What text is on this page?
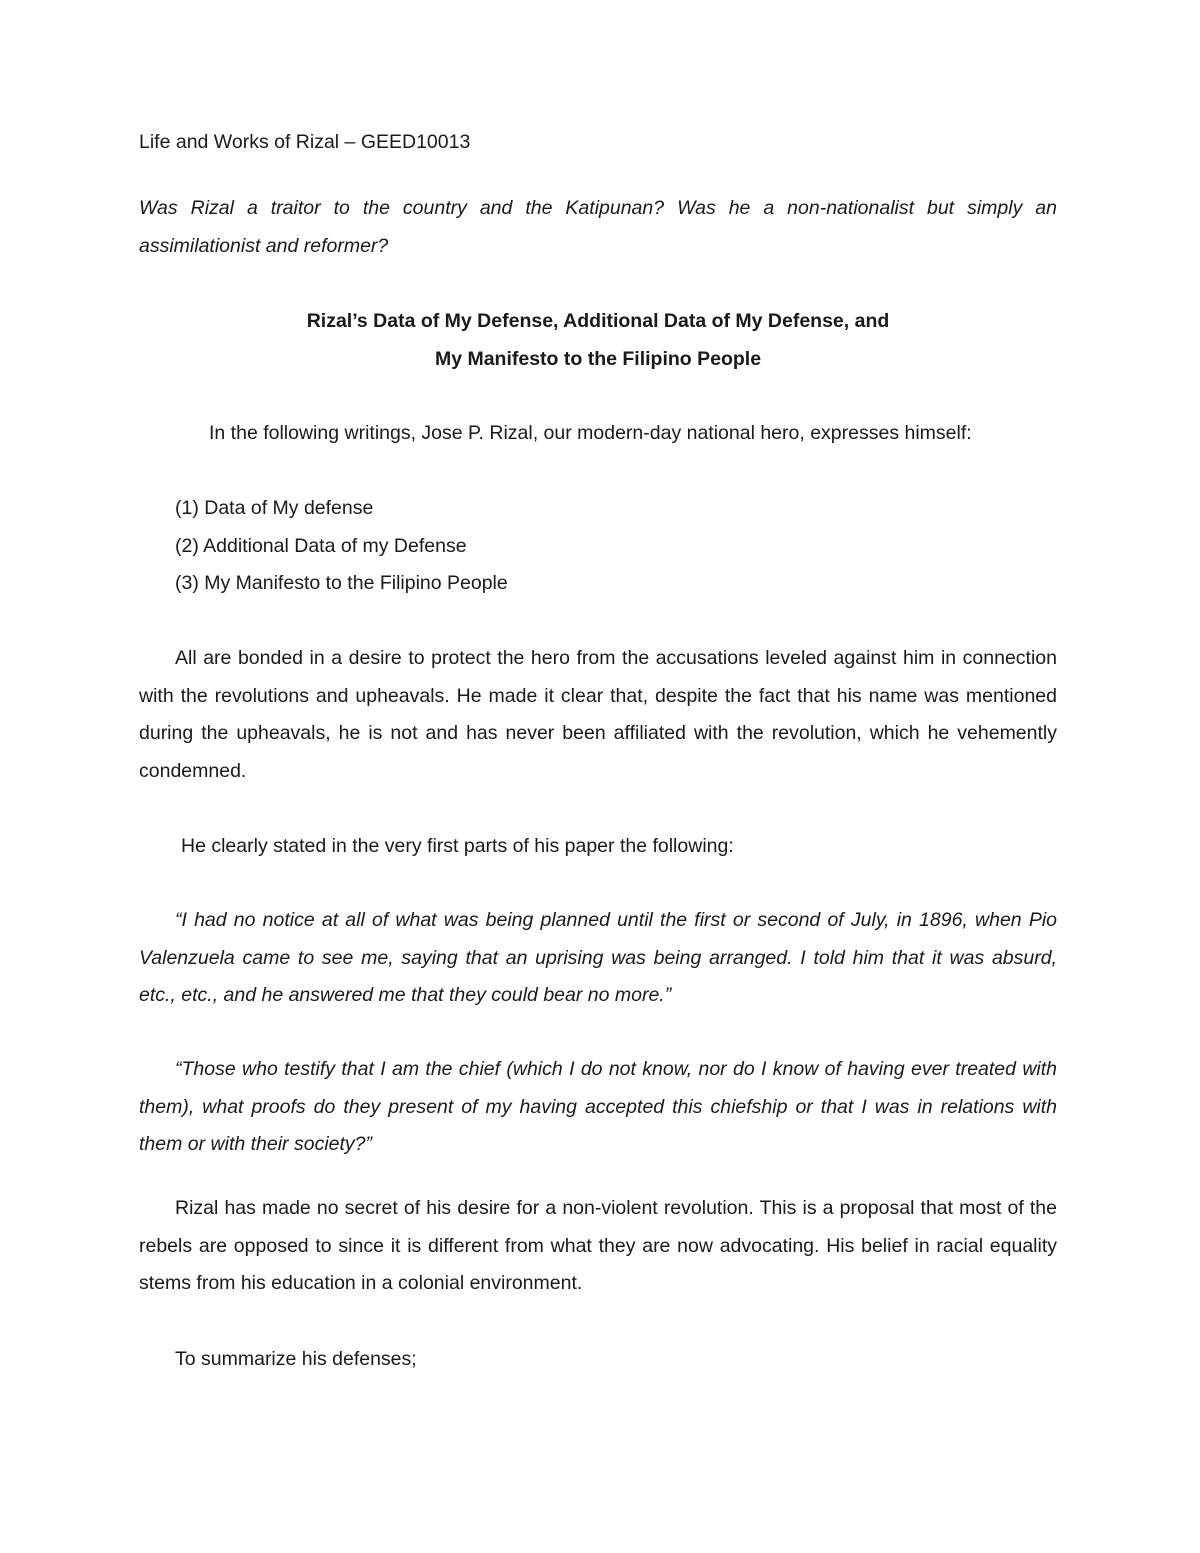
Life and Works of Rizal – GEED10013

Was Rizal a traitor to the country and the Katipunan? Was he a non-nationalist but simply an assimilationist and reformer?

Rizal’s Data of My Defense, Additional Data of My Defense, and
My Manifesto to the Filipino People

In the following writings, Jose P. Rizal, our modern-day national hero, expresses himself:

(1) Data of My defense
(2) Additional Data of my Defense
(3) My Manifesto to the Filipino People

All are bonded in a desire to protect the hero from the accusations leveled against him in connection with the revolutions and upheavals. He made it clear that, despite the fact that his name was mentioned during the upheavals, he is not and has never been affiliated with the revolution, which he vehemently condemned.

He clearly stated in the very first parts of his paper the following:

“I had no notice at all of what was being planned until the first or second of July, in 1896, when Pio Valenzuela came to see me, saying that an uprising was being arranged. I told him that it was absurd, etc., etc., and he answered me that they could bear no more.”

“Those who testify that I am the chief (which I do not know, nor do I know of having ever treated with them), what proofs do they present of my having accepted this chiefship or that I was in relations with them or with their society?”

Rizal has made no secret of his desire for a non-violent revolution. This is a proposal that most of the rebels are opposed to since it is different from what they are now advocating. His belief in racial equality stems from his education in a colonial environment.

To summarize his defenses;
